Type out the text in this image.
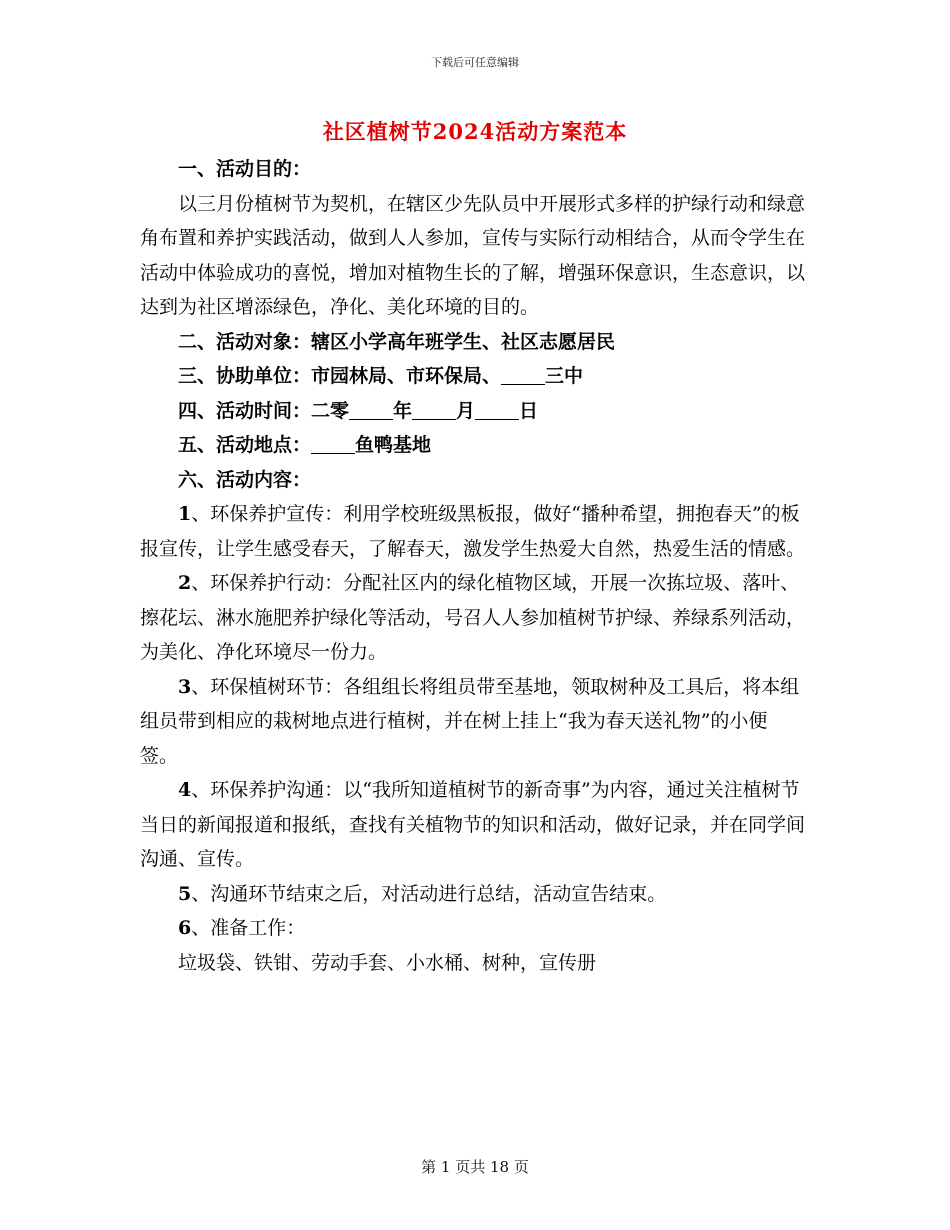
下载后可任意编辑
社区植树节2024活动方案范本

一、活动目的：

以三月份植树节为契机，在辖区少先队员中开展形式多样的护绿行动和绿意角布置和养护实践活动，做到人人参加，宣传与实际行动相结合，从而令学生在活动中体验成功的喜悦，增加对植物生长的了解，增强环保意识，生态意识，以达到为社区增添绿色，净化、美化环境的目的。

二、活动对象：辖区小学高年班学生、社区志愿居民

三、协助单位：市园林局、市环保局、 三中

四、活动时间：二零 年 月 日

五、活动地点： 鱼鸭基地

六、活动内容：

1、环保养护宣传：利用学校班级黑板报，做好“播种希望，拥抱春天”的板报宣传，让学生感受春天，了解春天，激发学生热爱大自然，热爱生活的情感。

2、环保养护行动：分配社区内的绿化植物区域，开展一次拣垃圾、落叶、擦花坛、淋水施肥养护绿化等活动，号召人人参加植树节护绿、养绿系列活动，为美化、净化环境尽一份力。

3、环保植树环节：各组组长将组员带至基地，领取树种及工具后，将本组组员带到相应的栽树地点进行植树，并在树上挂上“我为春天送礼物”的小便签。

4、环保养护沟通：以“我所知道植树节的新奇事”为内容，通过关注植树节当日的新闻报道和报纸，查找有关植物节的知识和活动，做好记录，并在同学间沟通、宣传。

5、沟通环节结束之后，对活动进行总结，活动宣告结束。

6、准备工作：

垃圾袋、铁钳、劳动手套、小水桶、树种，宣传册

第 1 页共 18 页
